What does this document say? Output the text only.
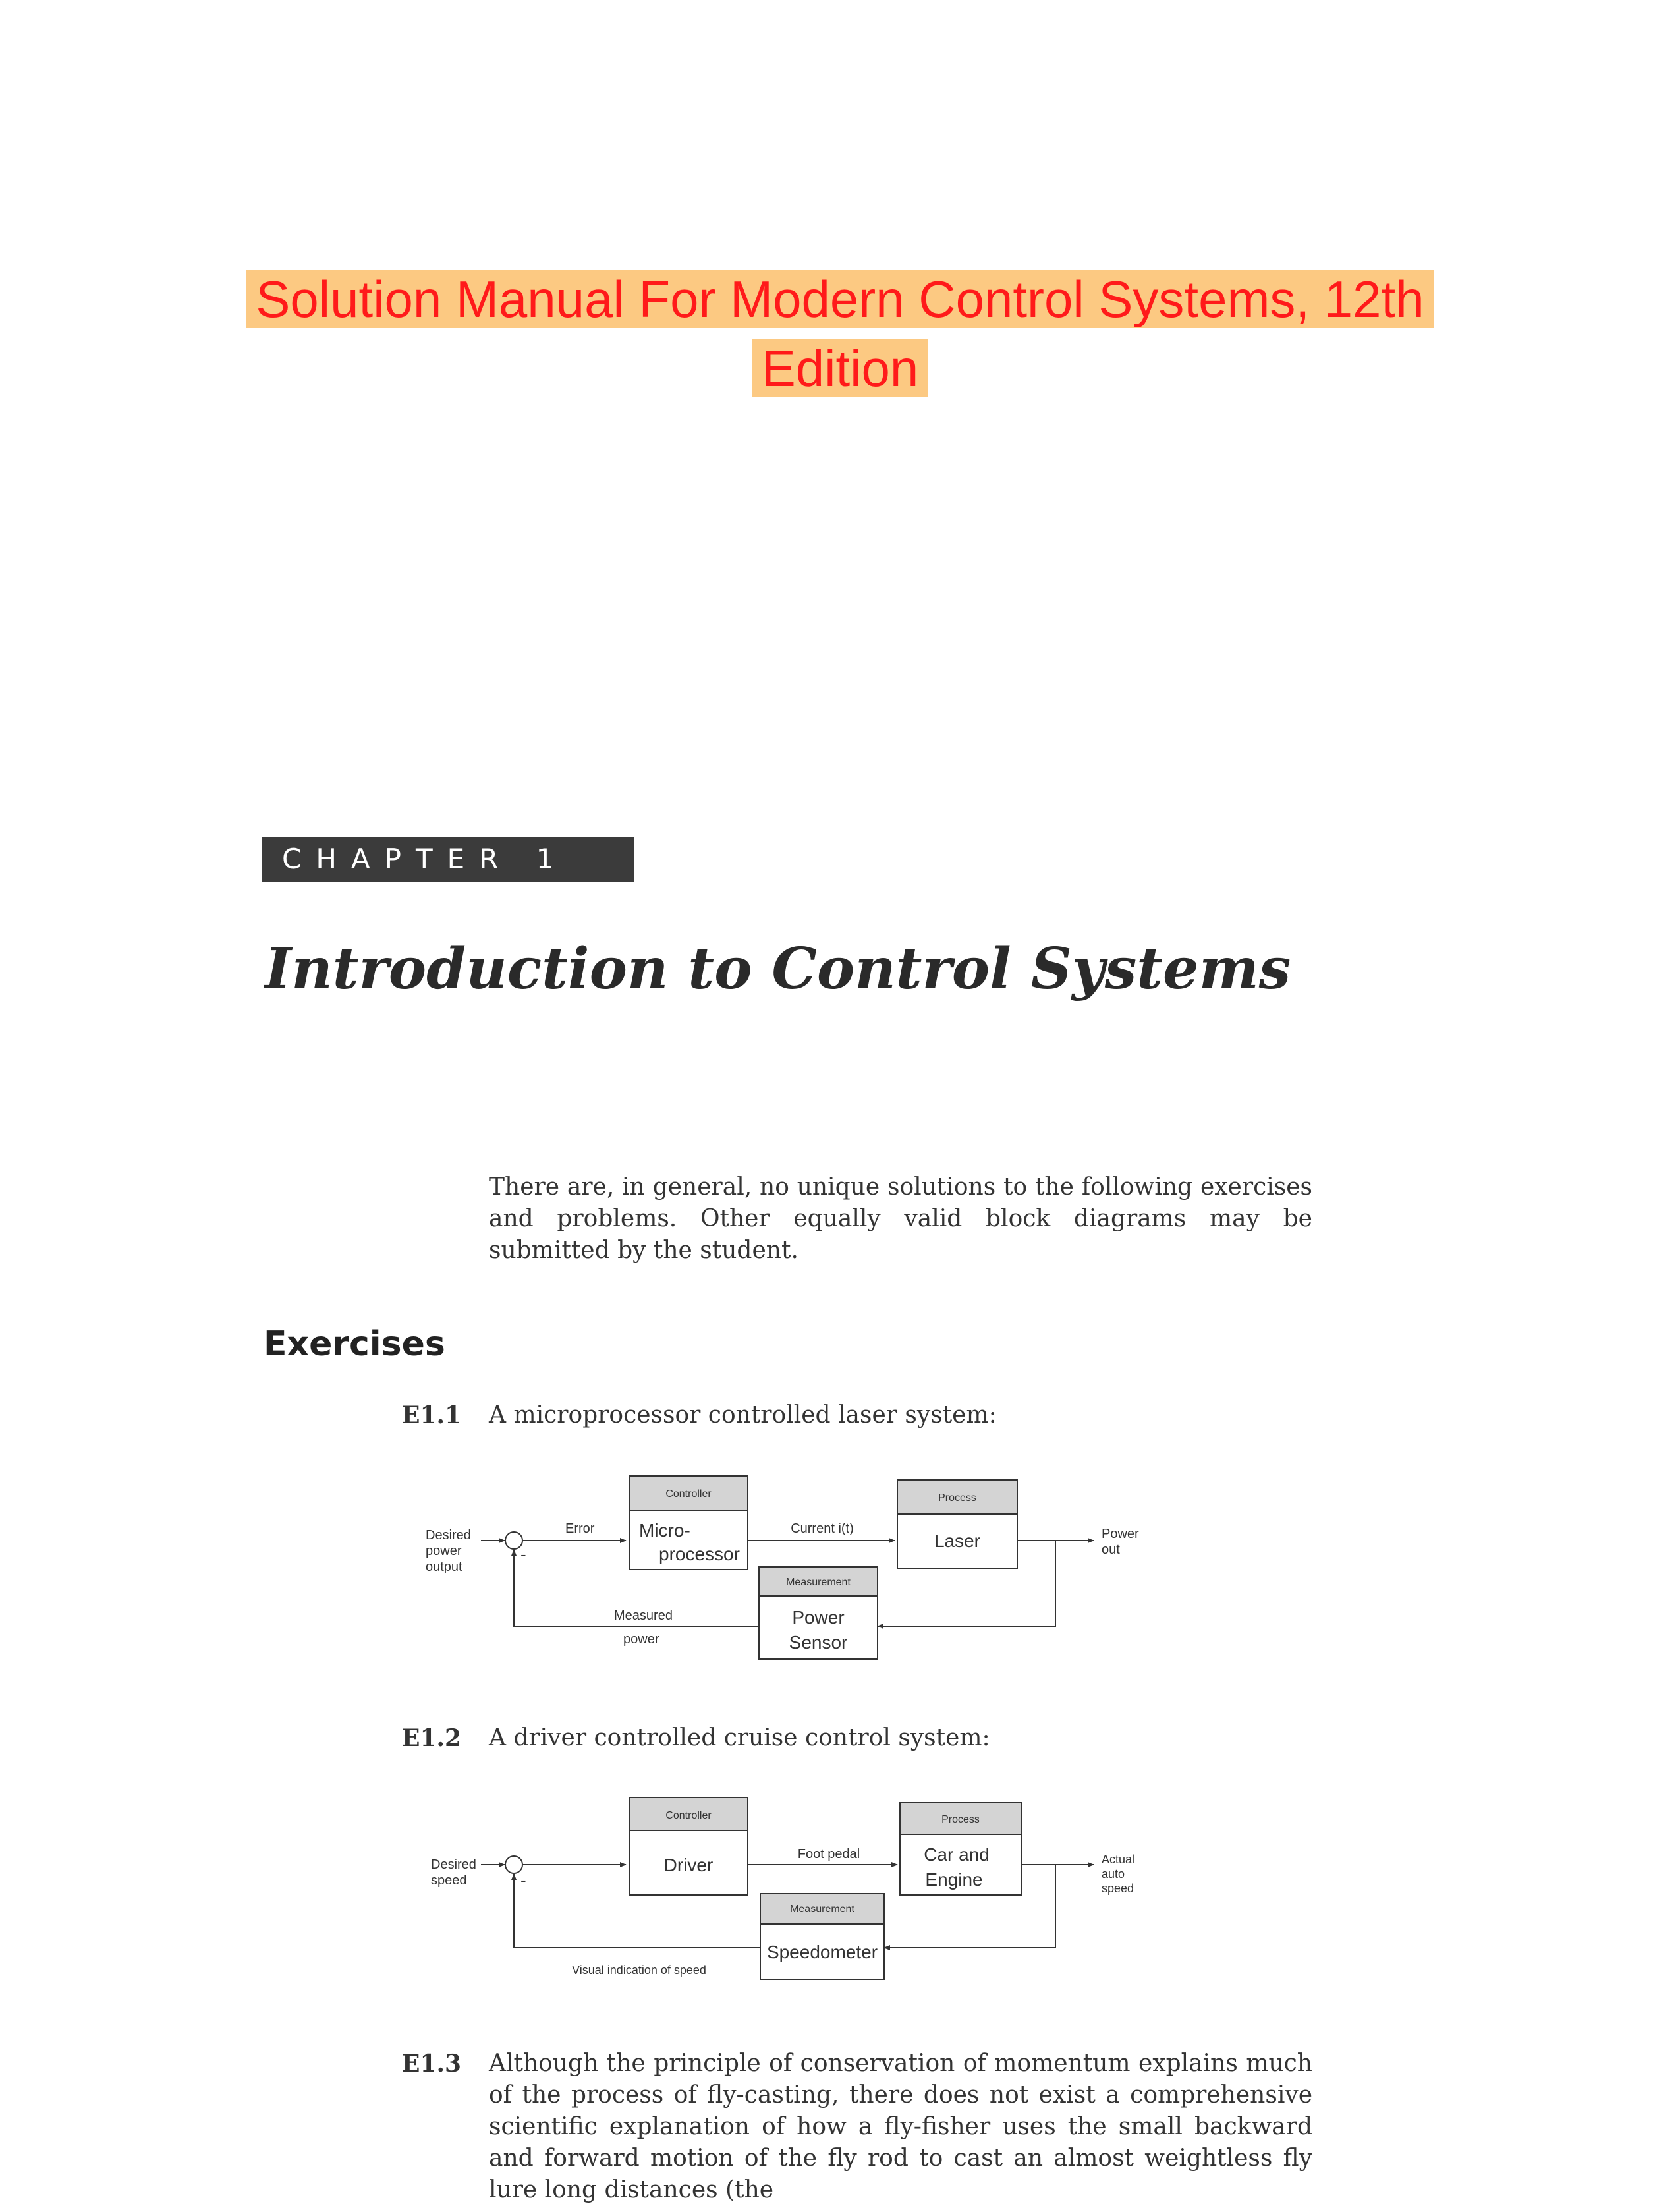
Solution Manual For Modern Control Systems, 12th Edition
CHAPTER 1
Introduction to Control Systems
There are, in general, no unique solutions to the following exercises and problems. Other equally valid block diagrams may be submitted by the student.
Exercises
E1.1 A microprocessor controlled laser system:
Desired
power
output
-
Error
Controller
Micro-
processor
Current i(t)
Process
Laser	Power
out
Measurement
Power
Sensor
Measured
power
E1.2 A driver controlled cruise control system:
Desired
speed	-
Controller
Driver
Foot pedal
Process
Car and
Engine
Actual
auto
speed
Measurement
Speedometer
Visual indication of speed
E1.3 Although the principle of conservation of momentum explains much of the process of fly-casting, there does not exist a comprehensive scientific explanation of how a fly-fisher uses the small backward and forward motion of the fly rod to cast an almost weightless fly lure long distances (the
